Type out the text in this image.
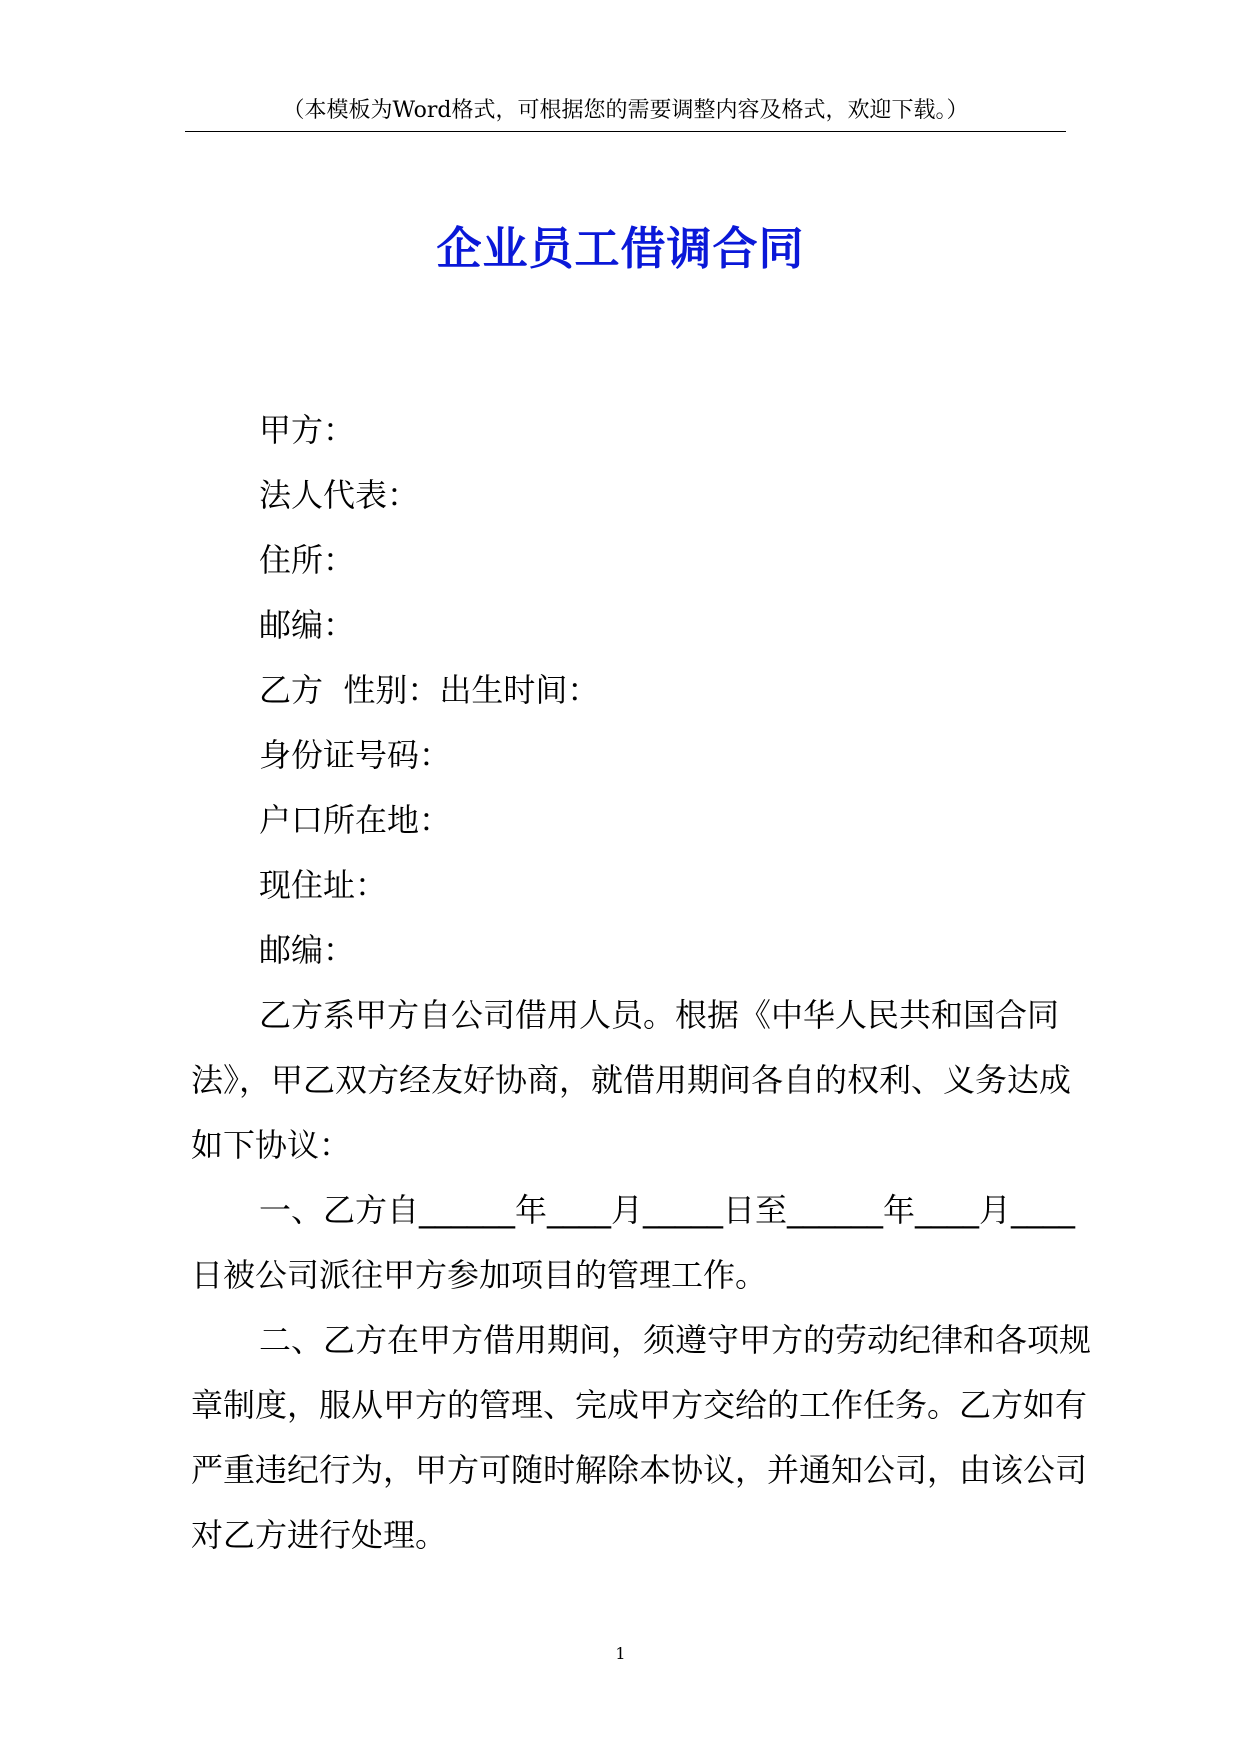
（本模板为Word格式，可根据您的需要调整内容及格式，欢迎下载。）
企业员工借调合同

甲方：

法人代表：

住所：

邮编：

乙方  性别：出生时间：

身份证号码：

户口所在地：

现住址：

邮编：

乙方系甲方自公司借用人员。根据《中华人民共和国合同法》，甲乙双方经友好协商，就借用期间各自的权利、义务达成如下协议：

一、乙方自______年____月_____日至______年____月____日被公司派往甲方参加项目的管理工作。

二、乙方在甲方借用期间，须遵守甲方的劳动纪律和各项规章制度，服从甲方的管理、完成甲方交给的工作任务。乙方如有严重违纪行为，甲方可随时解除本协议，并通知公司，由该公司对乙方进行处理。

1
